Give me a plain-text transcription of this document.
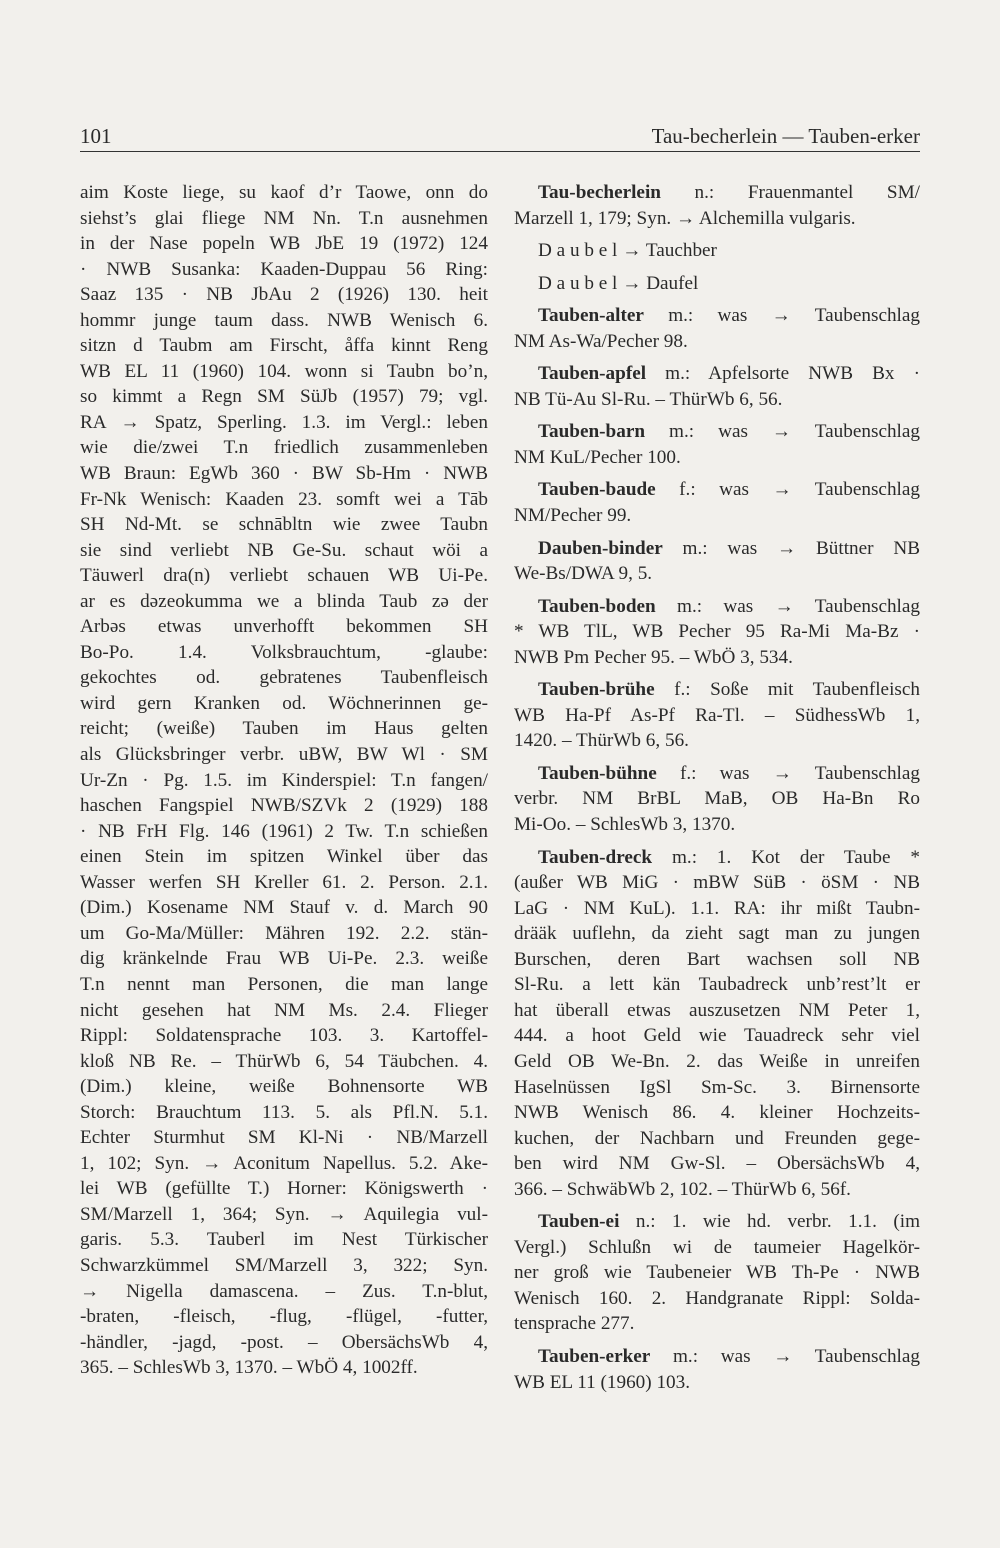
101	Tau-becherlein — Tauben-erker
aim Koste liege, su kaof d’r Taowe, onn do
siehst’s glai fliege NM Nn. T.n ausnehmen
in der Nase popeln WB JbE 19 (1972) 124
· NWB Susanka: Kaaden-Duppau 56 Ring:
Saaz 135 · NB JbAu 2 (1926) 130. heit
hommr junge taum dass. NWB Wenisch 6.
sitzn d Taubm am Firscht, åffa kinnt Reng
WB EL 11 (1960) 104. wonn si Taubn bo’n,
so kimmt a Regn SM SüJb (1957) 79; vgl.
RA → Spatz, Sperling. 1.3. im Vergl.: leben
wie die/zwei T.n friedlich zusammenleben
WB Braun: EgWb 360 · BW Sb-Hm · NWB
Fr-Nk Wenisch: Kaaden 23. somft wei a Tāb
SH Nd-Mt. se schnābltn wie zwee Taubn
sie sind verliebt NB Ge-Su. schaut wöi a
Täuwerl dra(n) verliebt schauen WB Ui-Pe.
ar es dəzeokumma we a blinda Taub zə der
Arbəs etwas unverhofft bekommen SH
Bo-Po. 1.4. Volksbrauchtum, -glaube:
gekochtes od. gebratenes Taubenfleisch
wird gern Kranken od. Wöchnerinnen ge-
reicht; (weiße) Tauben im Haus gelten
als Glücksbringer verbr. uBW, BW Wl · SM
Ur-Zn · Pg. 1.5. im Kinderspiel: T.n fangen/
haschen Fangspiel NWB/SZVk 2 (1929) 188
· NB FrH Flg. 146 (1961) 2 Tw. T.n schießen
einen Stein im spitzen Winkel über das
Wasser werfen SH Kreller 61. 2. Person. 2.1.
(Dim.) Kosename NM Stauf v. d. March 90
um Go-Ma/Müller: Mähren 192. 2.2. stän-
dig kränkelnde Frau WB Ui-Pe. 2.3. weiße
T.n nennt man Personen, die man lange
nicht gesehen hat NM Ms. 2.4. Flieger
Rippl: Soldatensprache 103. 3. Kartoffel-
kloß NB Re. – ThürWb 6, 54 Täubchen. 4.
(Dim.) kleine, weiße Bohnensorte WB
Storch: Brauchtum 113. 5. als Pfl.N. 5.1.
Echter Sturmhut SM Kl-Ni · NB/Marzell
1, 102; Syn. → Aconitum Napellus. 5.2. Ake-
lei WB (gefüllte T.) Horner: Königswerth ·
SM/Marzell 1, 364; Syn. → Aquilegia vul-
garis. 5.3. Tauberl im Nest Türkischer
Schwarzkümmel SM/Marzell 3, 322; Syn.
→ Nigella damascena. – Zus. T.n-blut,
-braten, -fleisch, -flug, -flügel, -futter,
-händler, -jagd, -post. – ObersächsWb 4,
365. – SchlesWb 3, 1370. – WbÖ 4, 1002ff.
Tau-becherlein n.: Frauenmantel SM/
Marzell 1, 179; Syn. → Alchemilla vulgaris.
D a u b e l → Tauchber
D a u b e l → Daufel
Tauben-alter m.: was → Taubenschlag
NM As-Wa/Pecher 98.
Tauben-apfel m.: Apfelsorte NWB Bx ·
NB Tü-Au Sl-Ru. – ThürWb 6, 56.
Tauben-barn m.: was → Taubenschlag
NM KuL/Pecher 100.
Tauben-baude f.: was → Taubenschlag
NM/Pecher 99.
Dauben-binder m.: was → Büttner NB
We-Bs/DWA 9, 5.
Tauben-boden m.: was → Taubenschlag
* WB TlL, WB Pecher 95 Ra-Mi Ma-Bz ·
NWB Pm Pecher 95. – WbÖ 3, 534.
Tauben-brühe f.: Soße mit Taubenfleisch
WB Ha-Pf As-Pf Ra-Tl. – SüdhessWb 1,
1420. – ThürWb 6, 56.
Tauben-bühne f.: was → Taubenschlag
verbr. NM BrBL MaB, OB Ha-Bn Ro
Mi-Oo. – SchlesWb 3, 1370.
Tauben-dreck m.: 1. Kot der Taube *
(außer WB MiG · mBW SüB · öSM · NB
LaG · NM KuL). 1.1. RA: ihr mißt Taubn-
drääk uuflehn, da zieht sagt man zu jungen
Burschen, deren Bart wachsen soll NB
Sl-Ru. a lett kän Taubadreck unb’rest’lt er
hat überall etwas auszusetzen NM Peter 1,
444. a hoot Geld wie Tauadreck sehr viel
Geld OB We-Bn. 2. das Weiße in unreifen
Haselnüssen IgSl Sm-Sc. 3. Birnensorte
NWB Wenisch 86. 4. kleiner Hochzeits-
kuchen, der Nachbarn und Freunden gege-
ben wird NM Gw-Sl. – ObersächsWb 4,
366. – SchwäbWb 2, 102. – ThürWb 6, 56f.
Tauben-ei n.: 1. wie hd. verbr. 1.1. (im
Vergl.) Schlußn wi de taumeier Hagelkör-
ner groß wie Taubeneier WB Th-Pe · NWB
Wenisch 160. 2. Handgranate Rippl: Solda-
tensprache 277.
Tauben-erker m.: was → Taubenschlag
WB EL 11 (1960) 103.
